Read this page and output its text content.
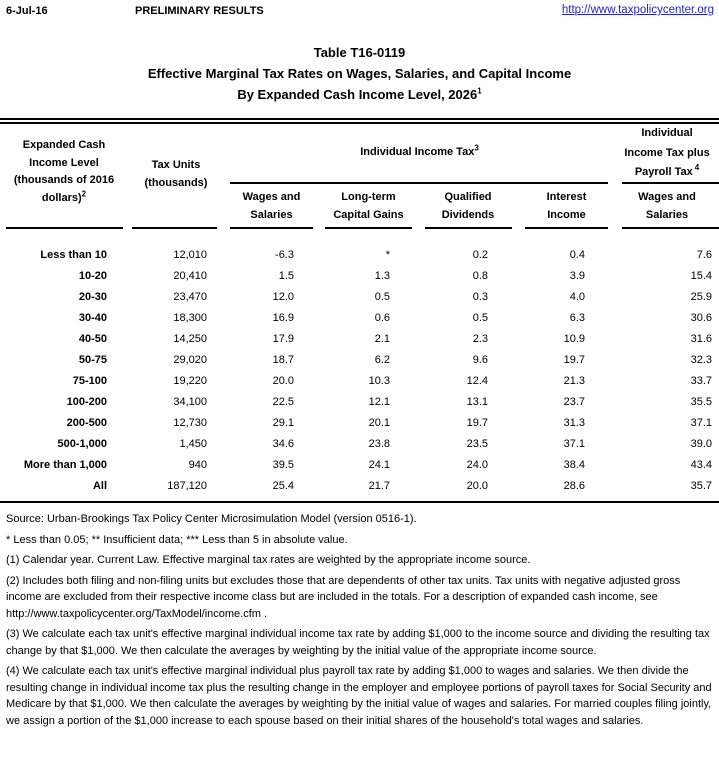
6-Jul-16	PRELIMINARY RESULTS	http://www.taxpolicycenter.org
Table T16-0119
Effective Marginal Tax Rates on Wages, Salaries, and Capital Income
By Expanded Cash Income Level, 2026$^1$
Expanded Cash
Income Level
(thousands of 2016
dollars)$^2$
Tax Units
(thousands)
Individual Income Tax$^3$
Individual
Income Tax plus
Payroll Tax $^4$
Wages and
Salaries
Long-term
Capital Gains
Qualified
Dividends
Interest
Income
Wages and
Salaries
Less than 10	12,010	-6.3	*	0.2	0.4	7.6
10-20	20,410	1.5	1.3	0.8	3.9	15.4
20-30	23,470	12.0	0.5	0.3	4.0	25.9
30-40	18,300	16.9	0.6	0.5	6.3	30.6
40-50	14,250	17.9	2.1	2.3	10.9	31.6
50-75	29,020	18.7	6.2	9.6	19.7	32.3
75-100	19,220	20.0	10.3	12.4	21.3	33.7
100-200	34,100	22.5	12.1	13.1	23.7	35.5
200-500	12,730	29.1	20.1	19.7	31.3	37.1
500-1,000	1,450	34.6	23.8	23.5	37.1	39.0
More than 1,000	940	39.5	24.1	24.0	38.4	43.4
All	187,120	25.4	21.7	20.0	28.6	35.7

Source: Urban-Brookings Tax Policy Center Microsimulation Model (version 0516-1).

* Less than 0.05; ** Insufficient data; *** Less than 5 in absolute value.

(1) Calendar year. Current Law. Effective marginal tax rates are weighted by the appropriate income source.

(2) Includes both filing and non-filing units but excludes those that are dependents of other tax units. Tax units with negative adjusted gross income are excluded from their respective income class but are included in the totals. For a description of expanded cash income, see http://www.taxpolicycenter.org/TaxModel/income.cfm .

(3) We calculate each tax unit's effective marginal individual income tax rate by adding $1,000 to the income source and dividing the resulting tax change by that $1,000. We then calculate the averages by weighting by the initial value of the appropriate income source.

(4) We calculate each tax unit's effective marginal individual plus payroll tax rate by adding $1,000 to wages and salaries. We then divide the resulting change in individual income tax plus the resulting change in the employer and employee portions of payroll taxes for Social Security and Medicare by that $1,000. We then calculate the averages by weighting by the initial value of wages and salaries. For married couples filing jointly, we assign a portion of the $1,000 increase to each spouse based on their initial shares of the household's total wages and salaries.
